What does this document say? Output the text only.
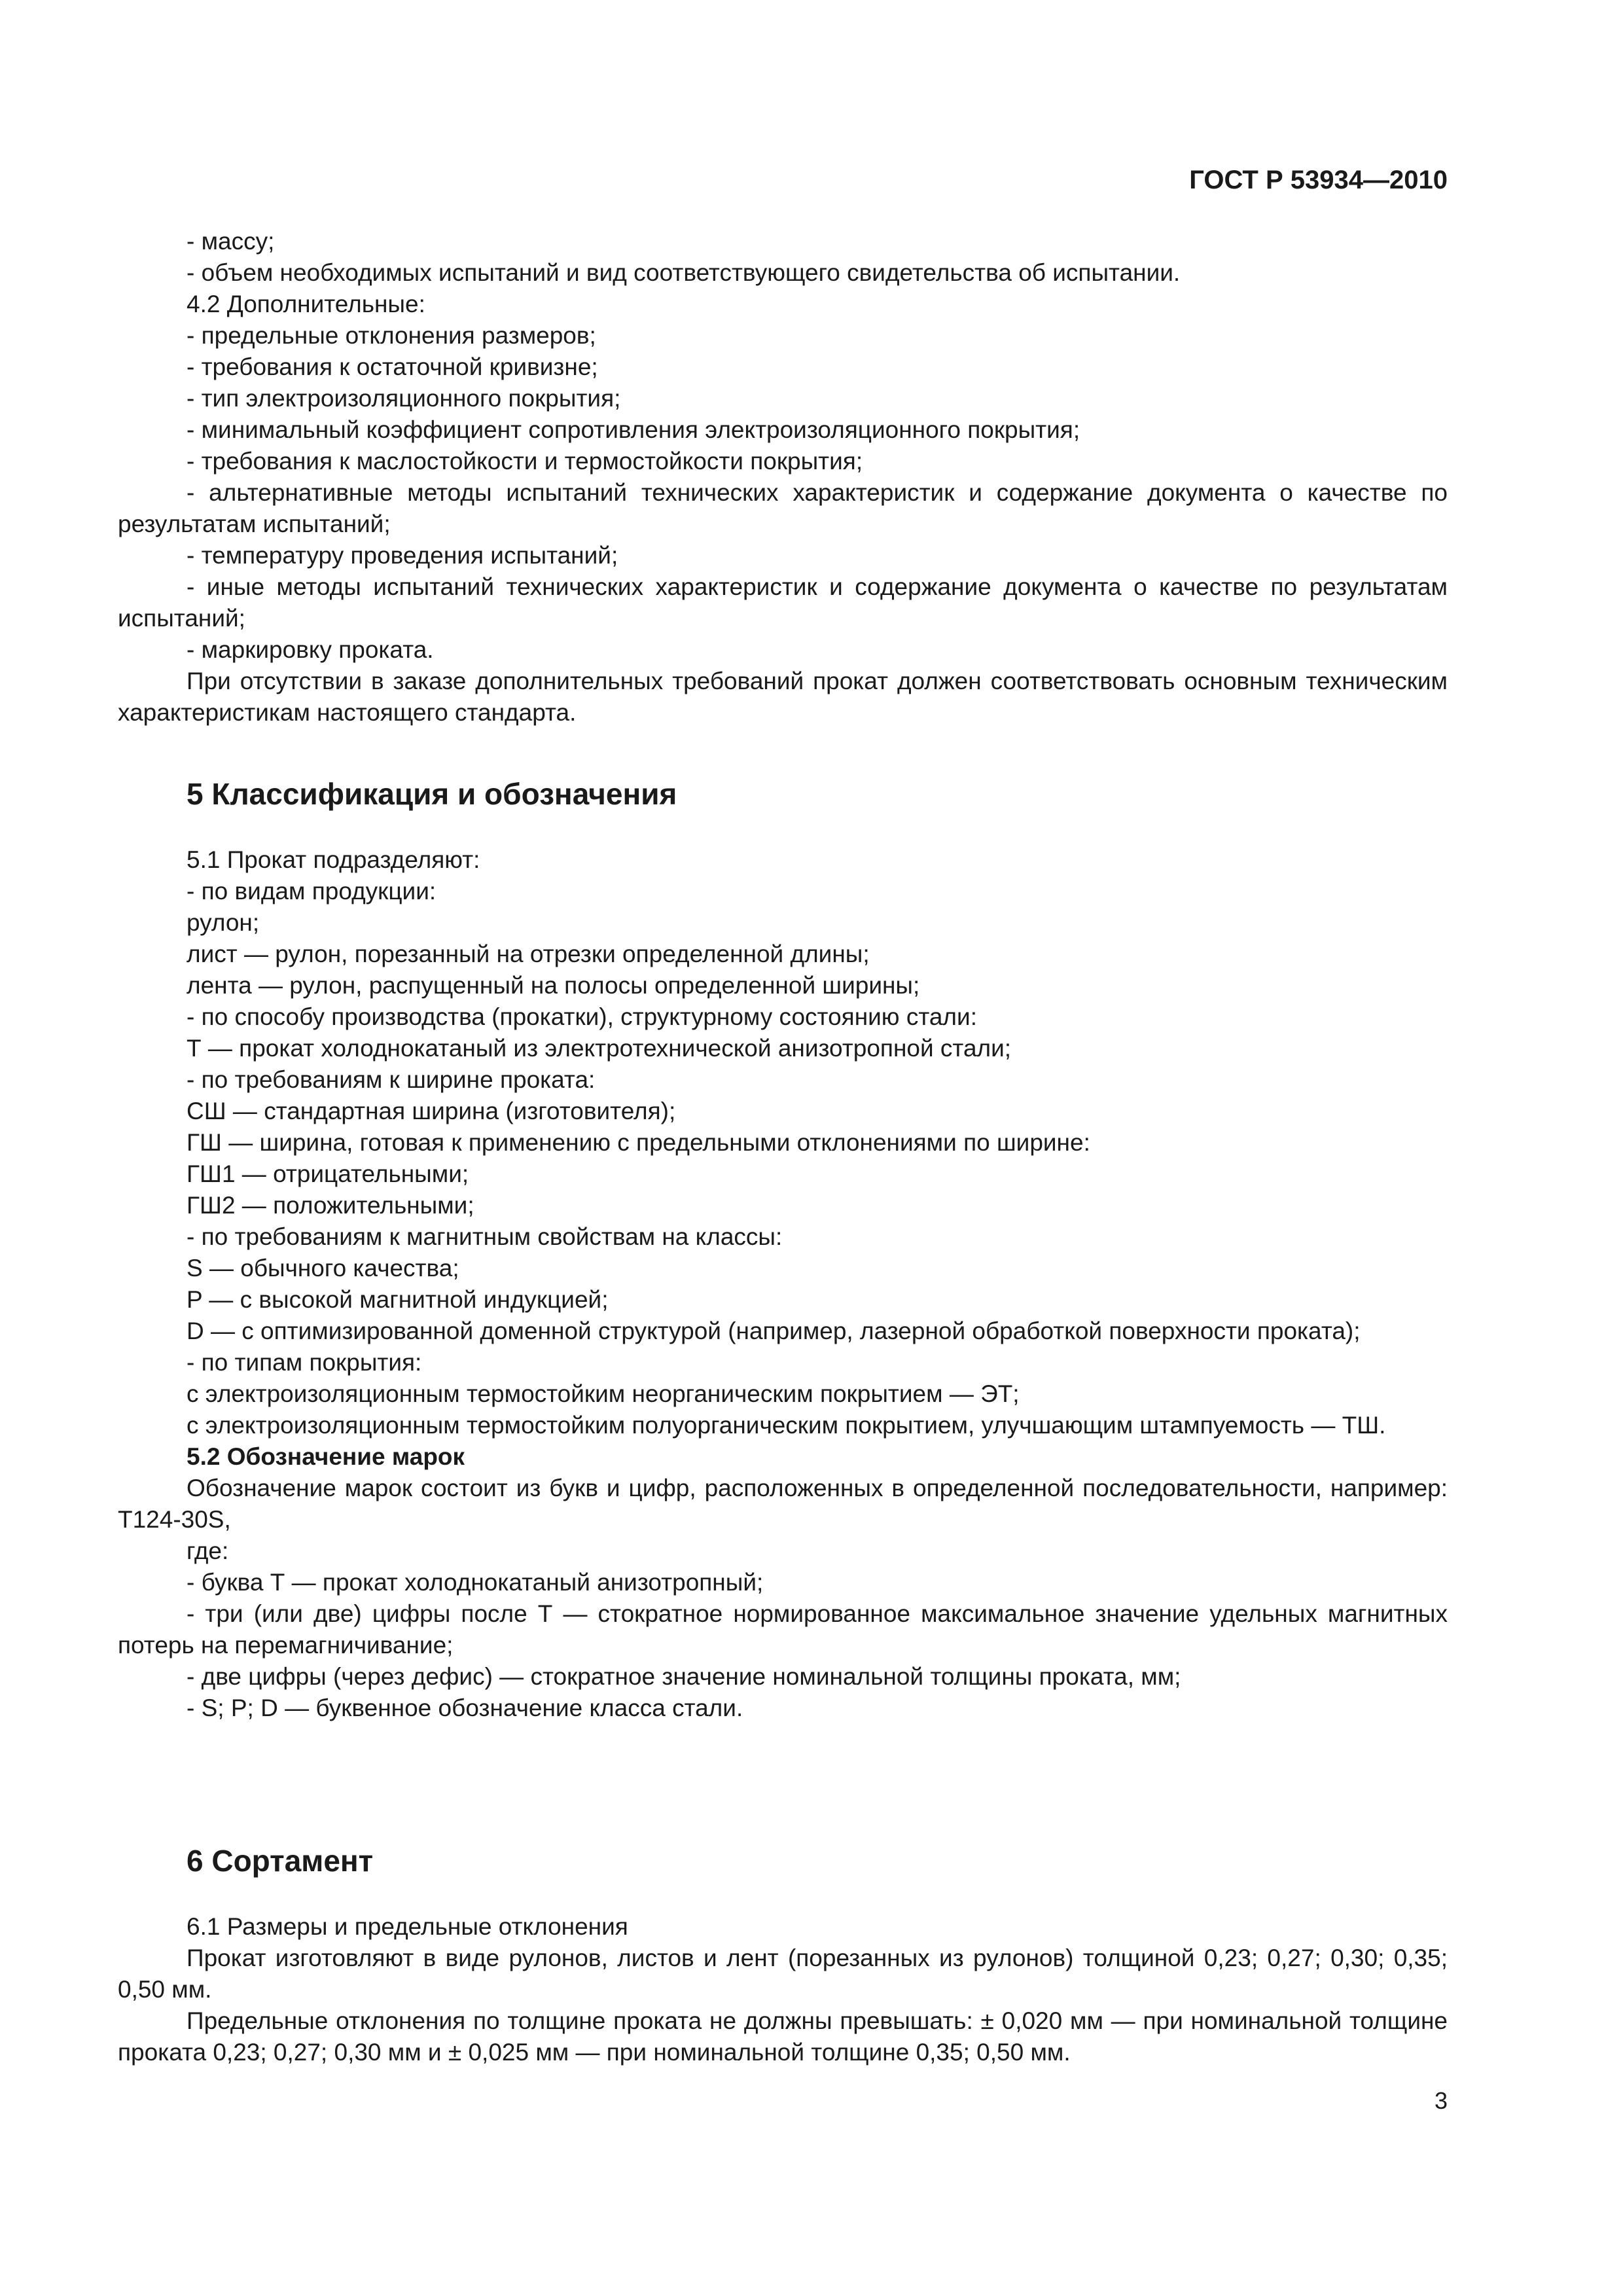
ГОСТ Р 53934—2010

- массу;

- объем необходимых испытаний и вид соответствующего свидетельства об испытании.

4.2 Дополнительные:

- предельные отклонения размеров;

- требования к остаточной кривизне;

- тип электроизоляционного покрытия;

- минимальный коэффициент сопротивления электроизоляционного покрытия;

- требования к маслостойкости и термостойкости покрытия;

- альтернативные методы испытаний технических характеристик и содержание документа о качестве по результатам испытаний;

- температуру проведения испытаний;

- иные методы испытаний технических характеристик и содержание документа о качестве по результатам испытаний;

- маркировку проката.

При отсутствии в заказе дополнительных требований прокат должен соответствовать основным техническим характеристикам настоящего стандарта.

5 Классификация и обозначения

5.1 Прокат подразделяют:

- по видам продукции:

рулон;

лист — рулон, порезанный на отрезки определенной длины;

лента — рулон, распущенный на полосы определенной ширины;

- по способу производства (прокатки), структурному состоянию стали:

Т — прокат холоднокатаный из электротехнической анизотропной стали;

- по требованиям к ширине проката:

СШ — стандартная ширина (изготовителя);

ГШ — ширина, готовая к применению с предельными отклонениями по ширине:

ГШ1 — отрицательными;

ГШ2 — положительными;

- по требованиям к магнитным свойствам на классы:

S — обычного качества;

P — с высокой магнитной индукцией;

D — с оптимизированной доменной структурой (например, лазерной обработкой поверхности проката);

- по типам покрытия:

с электроизоляционным термостойким неорганическим покрытием — ЭТ;

с электроизоляционным термостойким полуорганическим покрытием, улучшающим штампуемость — ТШ.

5.2 Обозначение марок

Обозначение марок состоит из букв и цифр, расположенных в определенной последовательности, например: Т124-30S,

где:

- буква Т — прокат холоднокатаный анизотропный;

- три (или две) цифры после Т — стократное нормированное максимальное значение удельных магнитных потерь на перемагничивание;

- две цифры (через дефис) — стократное значение номинальной толщины проката, мм;

- S; P; D — буквенное обозначение класса стали.

6 Сортамент

6.1 Размеры и предельные отклонения

Прокат изготовляют в виде рулонов, листов и лент (порезанных из рулонов) толщиной 0,23; 0,27; 0,30; 0,35; 0,50 мм.

Предельные отклонения по толщине проката не должны превышать: ± 0,020 мм — при номинальной толщине проката 0,23; 0,27; 0,30 мм и ± 0,025 мм — при номинальной толщине 0,35; 0,50 мм.

3
